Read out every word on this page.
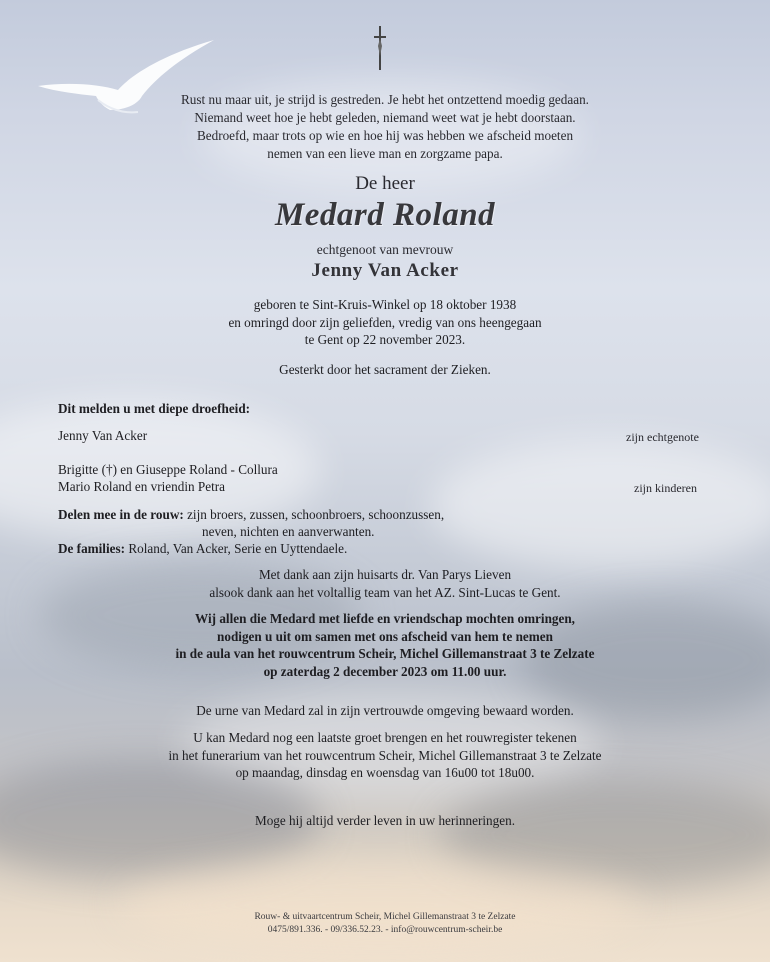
Rust nu maar uit, je strijd is gestreden. Je hebt het ontzettend moedig gedaan.
Niemand weet hoe je hebt geleden, niemand weet wat je hebt doorstaan.
Bedroefd, maar trots op wie en hoe hij was hebben we afscheid moeten
nemen van een lieve man en zorgzame papa.
De heer
Medard Roland
echtgenoot van mevrouw
Jenny Van Acker
geboren te Sint-Kruis-Winkel op 18 oktober 1938
en omringd door zijn geliefden, vredig van ons heengegaan
te Gent op 22 november 2023.
Gesterkt door het sacrament der Zieken.
Dit melden u met diepe droefheid:
Jenny Van Acker	zijn echtgenote
Brigitte (†) en Giuseppe Roland - Collura
Mario Roland en vriendin Petra	zijn kinderen
Delen mee in de rouw: zijn broers, zussen, schoonbroers, schoonzussen,
neven, nichten en aanverwanten.
De families: Roland, Van Acker, Serie en Uyttendaele.
Met dank aan zijn huisarts dr. Van Parys Lieven
alsook dank aan het voltallig team van het AZ. Sint-Lucas te Gent.
Wij allen die Medard met liefde en vriendschap mochten omringen,
nodigen u uit om samen met ons afscheid van hem te nemen
in de aula van het rouwcentrum Scheir, Michel Gillemanstraat 3 te Zelzate
op zaterdag 2 december 2023 om 11.00 uur.
De urne van Medard zal in zijn vertrouwde omgeving bewaard worden.
U kan Medard nog een laatste groet brengen en het rouwregister tekenen
in het funerarium van het rouwcentrum Scheir, Michel Gillemanstraat 3 te Zelzate
op maandag, dinsdag en woensdag van 16u00 tot 18u00.
Moge hij altijd verder leven in uw herinneringen.
Rouw- & uitvaartcentrum Scheir, Michel Gillemanstraat 3 te Zelzate
0475/891.336. - 09/336.52.23. - info@rouwcentrum-scheir.be
